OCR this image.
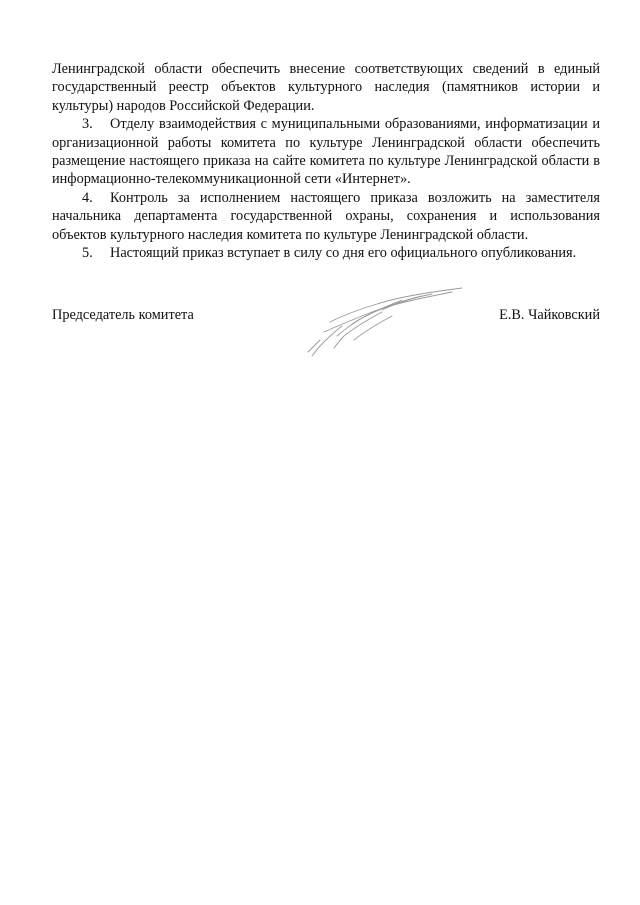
Ленинградской области обеспечить внесение соответствующих сведений в единый государственный реестр объектов культурного наследия (памятников истории и культуры) народов Российской Федерации.

3. Отделу взаимодействия с муниципальными образованиями, информатизации и организационной работы комитета по культуре Ленинградской области обеспечить размещение настоящего приказа на сайте комитета по культуре Ленинградской области в информационно-телекоммуникационной сети «Интернет».

4. Контроль за исполнением настоящего приказа возложить на заместителя начальника департамента государственной охраны, сохранения и использования объектов культурного наследия комитета по культуре Ленинградской области.

5. Настоящий приказ вступает в силу со дня его официального опубликования.

Председатель комитета	Е.В. Чайковский
